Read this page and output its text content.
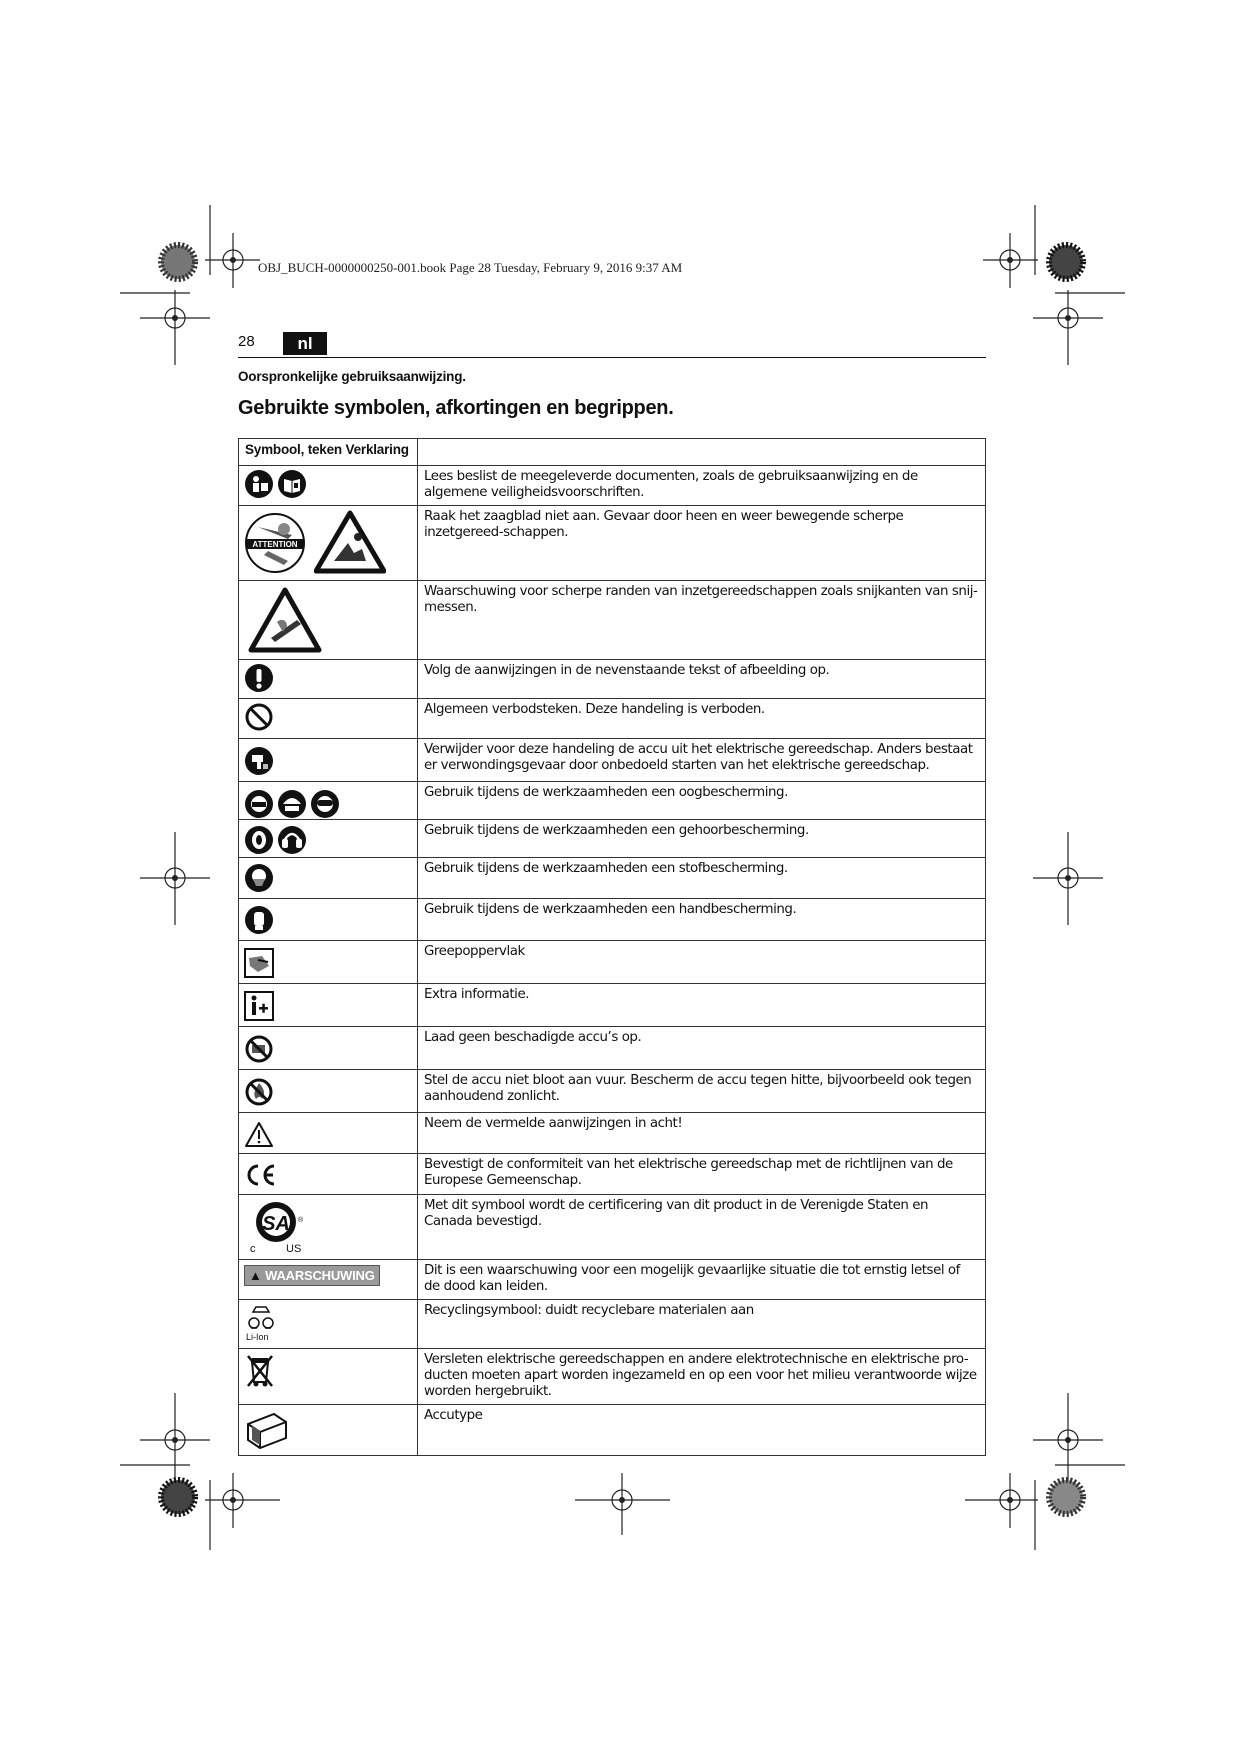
OBJ_BUCH-0000000250-001.book Page 28 Tuesday, February 9, 2016 9:37 AM
28	nl
Oorspronkelijke gebruiksaanwijzing.
Gebruikte symbolen, afkortingen en begrippen.
Symbool, teken Verklaring	

	Lees beslist de meegeleverde documenten, zoals de gebruiksaanwijzing en de algemene veiligheidsvoorschriften.

ATTENTION	Raak het zaagblad niet aan. Gevaar door heen en weer bewegende scherpe inzetgereed-schappen.
	Waarschuwing voor scherpe randen van inzetgereedschappen zoals snijkanten van snij-messen.
	Volg de aanwijzingen in de nevenstaande tekst of afbeelding op.
	Algemeen verbodsteken. Deze handeling is verboden.
	Verwijder voor deze handeling de accu uit het elektrische gereedschap. Anders bestaat er verwondingsgevaar door onbedoeld starten van het elektrische gereedschap.

	Gebruik tijdens de werkzaamheden een oogbescherming.

	Gebruik tijdens de werkzaamheden een gehoorbescherming.
	Gebruik tijdens de werkzaamheden een stofbescherming.
	Gebruik tijdens de werkzaamheden een handbescherming.
	Greepoppervlak
	Extra informatie.
	Laad geen beschadigde accu’s op.
	Stel de accu niet bloot aan vuur. Bescherm de accu tegen hitte, bijvoorbeeld ook tegen aanhoudend zonlicht.
	Neem de vermelde aanwijzingen in acht!
	Bevestigt de conformiteit van het elektrische gereedschap met de richtlijnen van de Europese Gemeenschap.

SA ®
c US	Met dit symbool wordt de certificering van dit product in de Verenigde Staten en Canada bevestigd.
▲ WAARSCHUWING	Dit is een waarschuwing voor een mogelijk gevaarlijke situatie die tot ernstig letsel of de dood kan leiden.

Li-Ion	Recyclingsymbool: duidt recyclebare materialen aan
	Versleten elektrische gereedschappen en andere elektrotechnische en elektrische pro-ducten moeten apart worden ingezameld en op een voor het milieu verantwoorde wijze worden hergebruikt.
	Accutype
